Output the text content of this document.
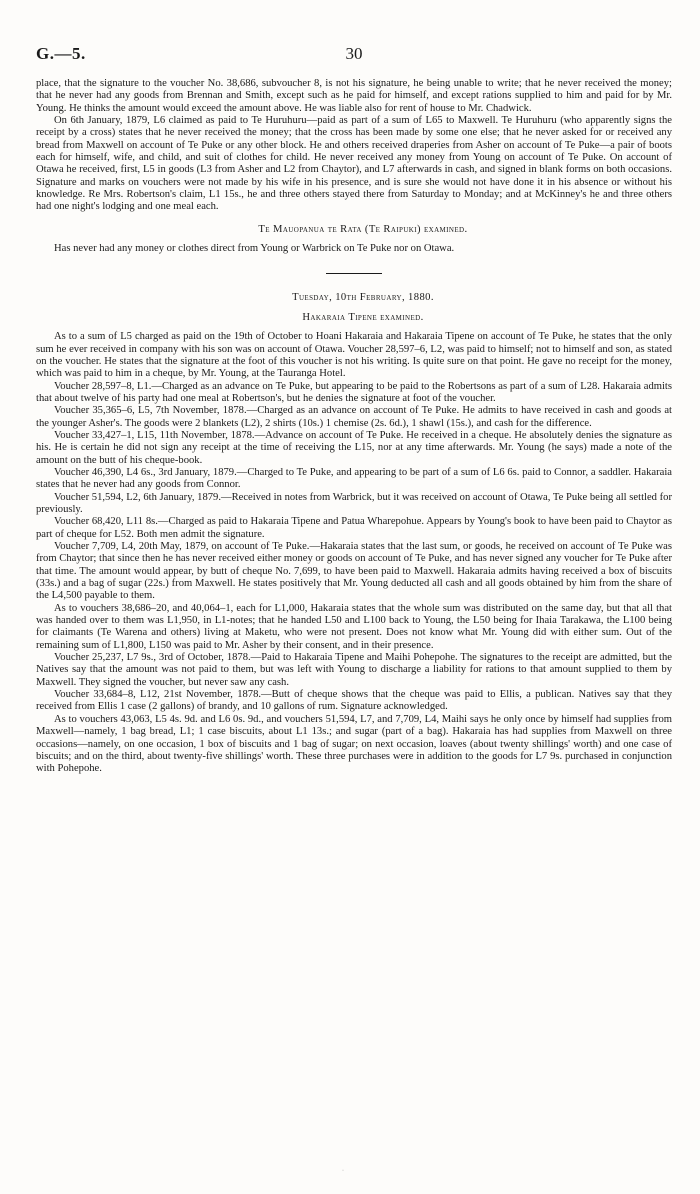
G.—5.	30

place, that the signature to the voucher No. 38,686, subvoucher 8, is not his signature, he being unable to write; that he never received the money; that he never had any goods from Brennan and Smith, except such as he paid for himself, and except rations supplied to him and paid for by Mr. Young. He thinks the amount would exceed the amount above. He was liable also for rent of house to Mr. Chadwick.

On 6th January, 1879, L6 claimed as paid to Te Huruhuru—paid as part of a sum of L65 to Maxwell. Te Huruhuru (who apparently signs the receipt by a cross) states that he never received the money; that the cross has been made by some one else; that he never asked for or received any bread from Maxwell on account of Te Puke or any other block. He and others received draperies from Asher on account of Te Puke—a pair of boots each for himself, wife, and child, and suit of clothes for child. He never received any money from Young on account of Te Puke. On account of Otawa he received, first, L5 in goods (L3 from Asher and L2 from Chaytor), and L7 afterwards in cash, and signed in blank forms on both occasions. Signature and marks on vouchers were not made by his wife in his presence, and is sure she would not have done it in his absence or without his knowledge. Re Mrs. Robertson's claim, L1 15s., he and three others stayed there from Saturday to Monday; and at McKinney's he and three others had one night's lodging and one meal each.

Te Mauopanua te Rata (Te Raipuki) examined.

Has never had any money or clothes direct from Young or Warbrick on Te Puke nor on Otawa.

Tuesday, 10th February, 1880.

Hakaraia Tipene examined.

As to a sum of L5 charged as paid on the 19th of October to Hoani Hakaraia and Hakaraia Tipene on account of Te Puke, he states that the only sum he ever received in company with his son was on account of Otawa. Voucher 28,597–6, L2, was paid to himself; not to himself and son, as stated on the voucher. He states that the signature at the foot of this voucher is not his writing. Is quite sure on that point. He gave no receipt for the money, which was paid to him in a cheque, by Mr. Young, at the Tauranga Hotel.

Voucher 28,597–8, L1.—Charged as an advance on Te Puke, but appearing to be paid to the Robertsons as part of a sum of L28. Hakaraia admits that about twelve of his party had one meal at Robertson's, but he denies the signature at foot of the voucher.

Voucher 35,365–6, L5, 7th November, 1878.—Charged as an advance on account of Te Puke. He admits to have received in cash and goods at the younger Asher's. The goods were 2 blankets (L2), 2 shirts (10s.) 1 chemise (2s. 6d.), 1 shawl (15s.), and cash for the difference.

Voucher 33,427–1, L15, 11th November, 1878.—Advance on account of Te Puke. He received in a cheque. He absolutely denies the signature as his. He is certain he did not sign any receipt at the time of receiving the L15, nor at any time afterwards. Mr. Young (he says) made a note of the amount on the butt of his cheque-book.

Voucher 46,390, L4 6s., 3rd January, 1879.—Charged to Te Puke, and appearing to be part of a sum of L6 6s. paid to Connor, a saddler. Hakaraia states that he never had any goods from Connor.

Voucher 51,594, L2, 6th January, 1879.—Received in notes from Warbrick, but it was received on account of Otawa, Te Puke being all settled for previously.

Voucher 68,420, L11 8s.—Charged as paid to Hakaraia Tipene and Patua Wharepohue. Appears by Young's book to have been paid to Chaytor as part of cheque for L52. Both men admit the signature.

Voucher 7,709, L4, 20th May, 1879, on account of Te Puke.—Hakaraia states that the last sum, or goods, he received on account of Te Puke was from Chaytor; that since then he has never received either money or goods on account of Te Puke, and has never signed any voucher for Te Puke after that time. The amount would appear, by butt of cheque No. 7,699, to have been paid to Maxwell. Hakaraia admits having received a box of biscuits (33s.) and a bag of sugar (22s.) from Maxwell. He states positively that Mr. Young deducted all cash and all goods obtained by him from the share of the L4,500 payable to them.

As to vouchers 38,686–20, and 40,064–1, each for L1,000, Hakaraia states that the whole sum was distributed on the same day, but that all that was handed over to them was L1,950, in L1-notes; that he handed L50 and L100 back to Young, the L50 being for Ihaia Tarakawa, the L100 being for claimants (Te Warena and others) living at Maketu, who were not present. Does not know what Mr. Young did with either sum. Out of the remaining sum of L1,800, L150 was paid to Mr. Asher by their consent, and in their presence.

Voucher 25,237, L7 9s., 3rd of October, 1878.—Paid to Hakaraia Tipene and Maihi Pohepohe. The signatures to the receipt are admitted, but the Natives say that the amount was not paid to them, but was left with Young to discharge a liability for rations to that amount supplied to them by Maxwell. They signed the voucher, but never saw any cash.

Voucher 33,684–8, L12, 21st November, 1878.—Butt of cheque shows that the cheque was paid to Ellis, a publican. Natives say that they received from Ellis 1 case (2 gallons) of brandy, and 10 gallons of rum. Signature acknowledged.

As to vouchers 43,063, L5 4s. 9d. and L6 0s. 9d., and vouchers 51,594, L7, and 7,709, L4, Maihi says he only once by himself had supplies from Maxwell—namely, 1 bag bread, L1; 1 case biscuits, about L1 13s.; and sugar (part of a bag). Hakaraia has had supplies from Maxwell on three occasions—namely, on one occasion, 1 box of biscuits and 1 bag of sugar; on next occasion, loaves (about twenty shillings' worth) and one case of biscuits; and on the third, about twenty-five shillings' worth. These three purchases were in addition to the goods for L7 9s. purchased in conjunction with Pohepohe.

·
